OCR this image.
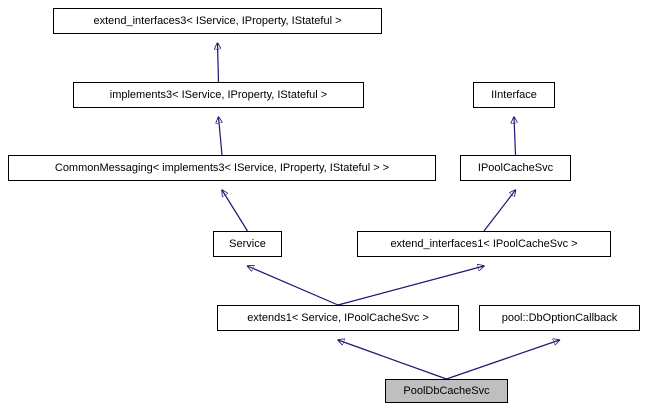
extend_interfaces3< IService, IProperty, IStateful >
implements3< IService, IProperty, IStateful >	IInterface
CommonMessaging< implements3< IService, IProperty, IStateful > >	IPoolCacheSvc
Service	extend_interfaces1< IPoolCacheSvc >
extends1< Service, IPoolCacheSvc >	pool::DbOptionCallback
PoolDbCacheSvc
